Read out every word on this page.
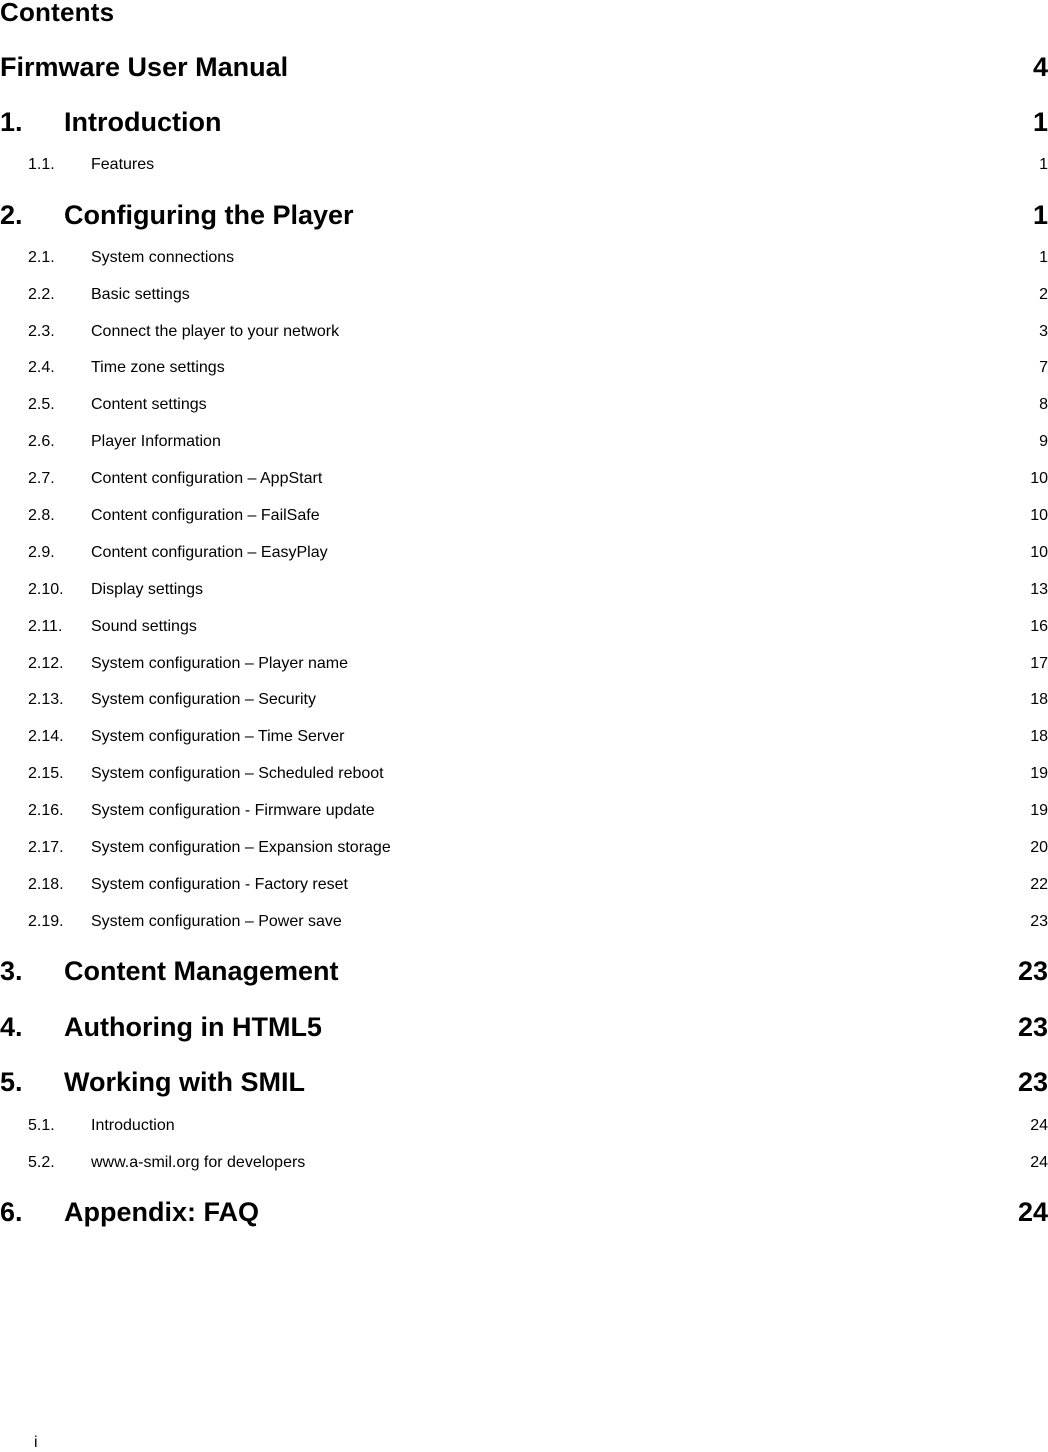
Contents
Firmware User Manual	4
1.	Introduction	1
1.1.	Features	1
2.	Configuring the Player	1
2.1.	System connections	1
2.2.	Basic settings	2
2.3.	Connect the player to your network	3
2.4.	Time zone settings	7
2.5.	Content settings	8
2.6.	Player Information	9
2.7.	Content configuration – AppStart	10
2.8.	Content configuration – FailSafe	10
2.9.	Content configuration – EasyPlay	10
2.10.	Display settings	13
2.11.	Sound settings	16
2.12.	System configuration – Player name	17
2.13.	System configuration – Security	18
2.14.	System configuration – Time Server	18
2.15.	System configuration – Scheduled reboot	19
2.16.	System configuration - Firmware update	19
2.17.	System configuration – Expansion storage	20
2.18.	System configuration - Factory reset	22
2.19.	System configuration – Power save	23
3.	Content Management	23
4.	Authoring in HTML5	23
5.	Working with SMIL	23
5.1.	Introduction	24
5.2.	www.a-smil.org for developers	24
6.	Appendix: FAQ	24
i
